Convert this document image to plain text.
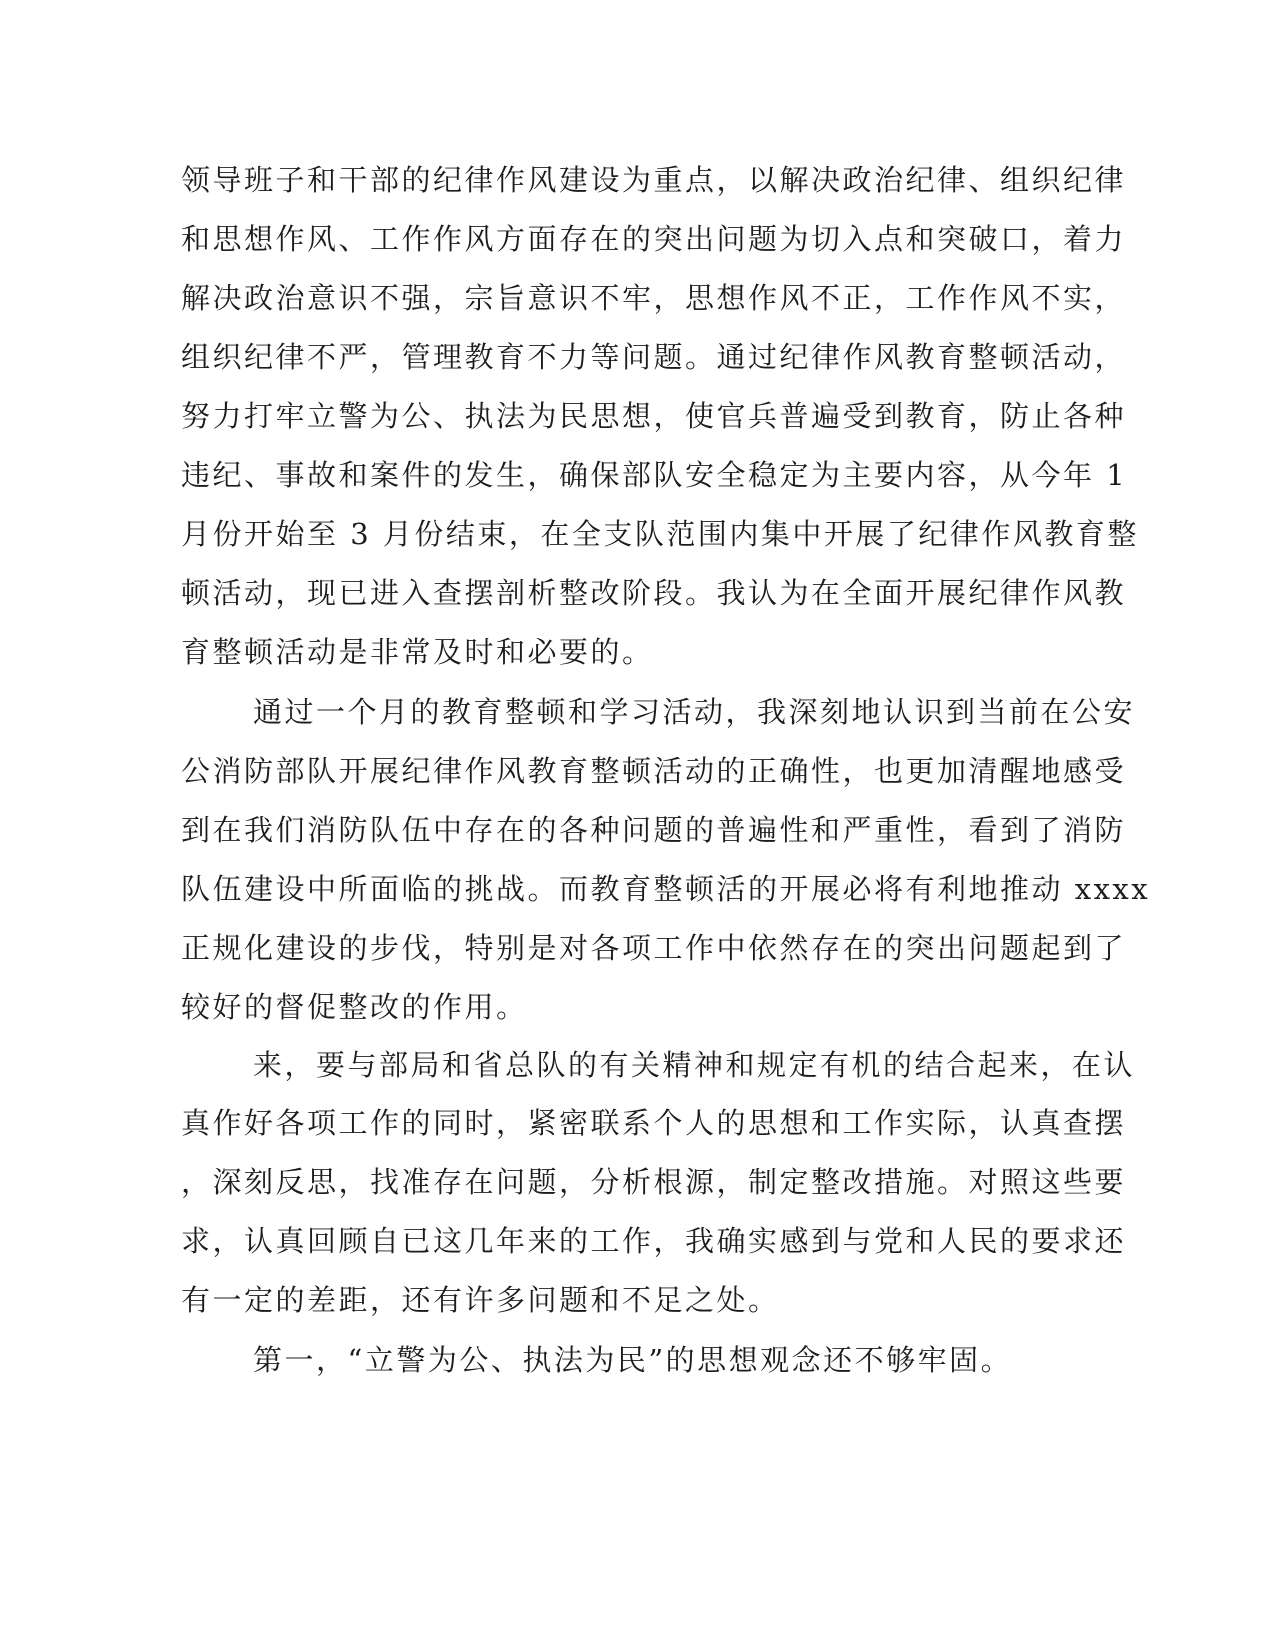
领导班子和干部的纪律作风建设为重点，以解决政治纪律、组织纪律
和思想作风、工作作风方面存在的突出问题为切入点和突破口，着力
解决政治意识不强，宗旨意识不牢，思想作风不正，工作作风不实，
组织纪律不严，管理教育不力等问题。通过纪律作风教育整顿活动，
努力打牢立警为公、执法为民思想，使官兵普遍受到教育，防止各种
违纪、事故和案件的发生，确保部队安全稳定为主要内容，从今年 1
月份开始至 3 月份结束，在全支队范围内集中开展了纪律作风教育整
顿活动，现已进入查摆剖析整改阶段。我认为在全面开展纪律作风教
育整顿活动是非常及时和必要的。
通过一个月的教育整顿和学习活动，我深刻地认识到当前在公安
公消防部队开展纪律作风教育整顿活动的正确性，也更加清醒地感受
到在我们消防队伍中存在的各种问题的普遍性和严重性，看到了消防
队伍建设中所面临的挑战。而教育整顿活的开展必将有利地推动 xxxx
正规化建设的步伐，特别是对各项工作中依然存在的突出问题起到了
较好的督促整改的作用。
来，要与部局和省总队的有关精神和规定有机的结合起来，在认
真作好各项工作的同时，紧密联系个人的思想和工作实际，认真查摆
，深刻反思，找准存在问题，分析根源，制定整改措施。对照这些要
求，认真回顾自已这几年来的工作，我确实感到与党和人民的要求还
有一定的差距，还有许多问题和不足之处。
第一，“立警为公、执法为民”的思想观念还不够牢固。
